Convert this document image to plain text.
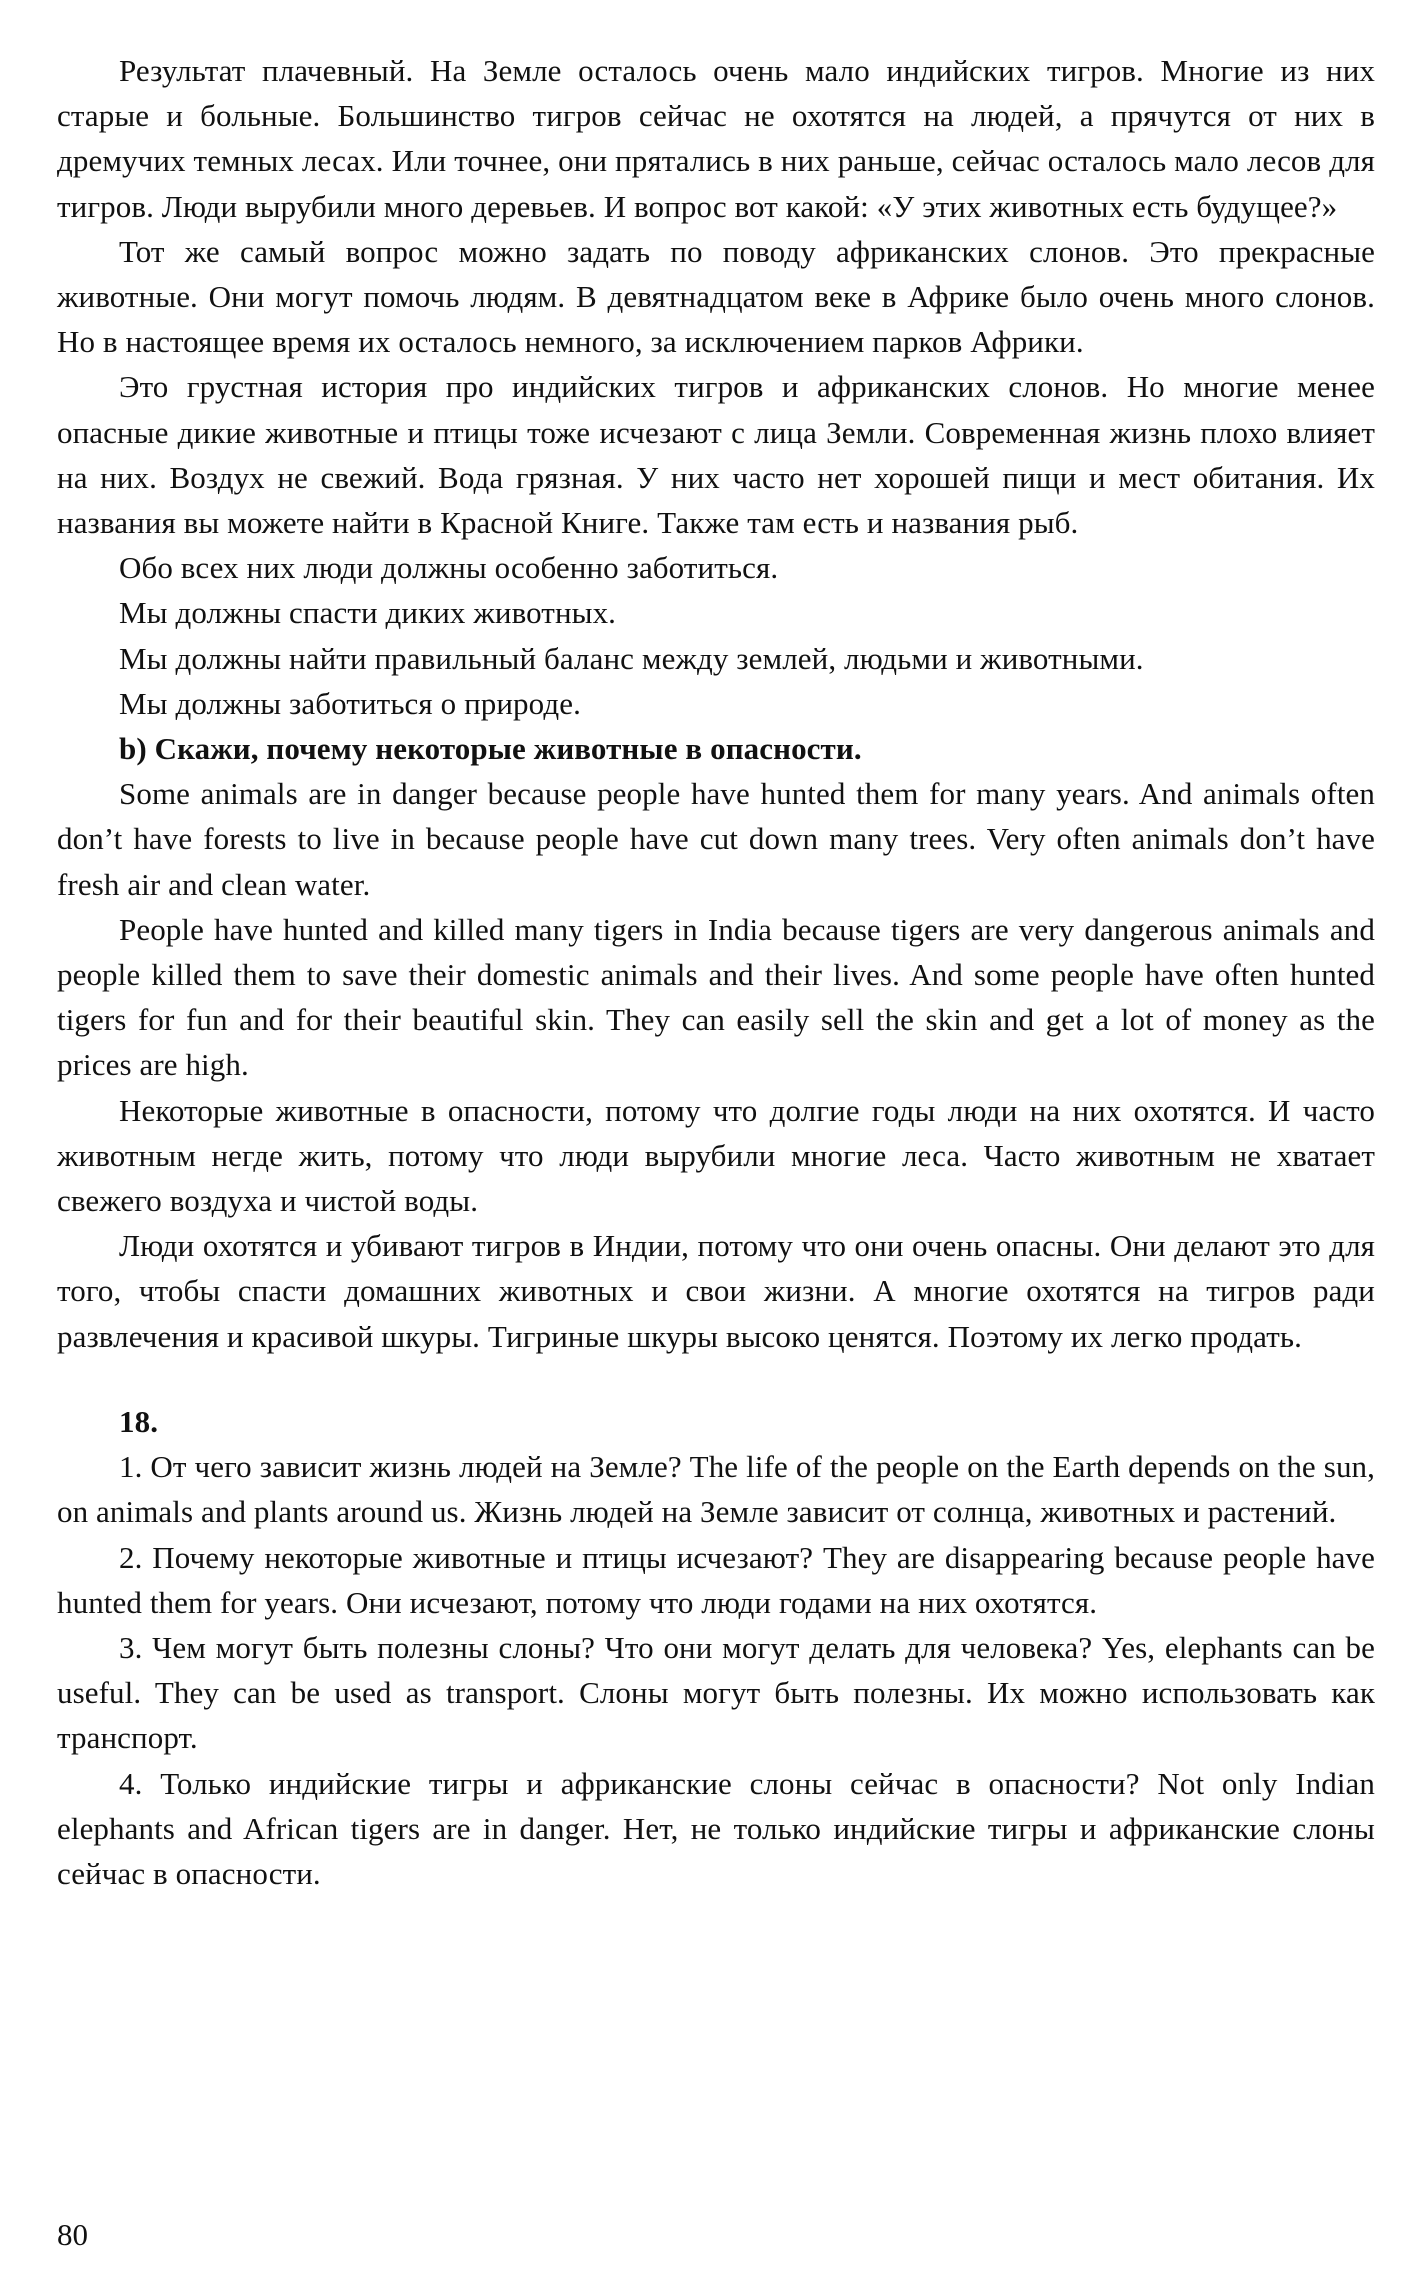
Результат плачевный. На Земле осталось очень мало индийских тигров. Многие из них старые и больные. Большинство тигров сейчас не охотятся на людей, а прячутся от них в дремучих темных лесах. Или точнее, они прятались в них раньше, сейчас осталось мало лесов для тигров. Люди вырубили много деревьев. И вопрос вот какой: «У этих животных есть будущее?»

Тот же самый вопрос можно задать по поводу африканских слонов. Это прекрасные животные. Они могут помочь людям. В девятнадцатом веке в Африке было очень много слонов. Но в настоящее время их осталось немного, за исключением парков Африки.

Это грустная история про индийских тигров и африканских слонов. Но многие менее опасные дикие животные и птицы тоже исчезают с лица Земли. Современная жизнь плохо влияет на них. Воздух не свежий. Вода грязная. У них часто нет хорошей пищи и мест обитания. Их названия вы можете найти в Красной Книге. Также там есть и названия рыб.

Обо всех них люди должны особенно заботиться.

Мы должны спасти диких животных.

Мы должны найти правильный баланс между землей, людьми и животными.

Мы должны заботиться о природе.

b) Скажи, почему некоторые животные в опасности.

Some animals are in danger because people have hunted them for many years. And animals often don’t have forests to live in because people have cut down many trees. Very often animals don’t have fresh air and clean water.

People have hunted and killed many tigers in India because tigers are very dangerous animals and people killed them to save their domestic animals and their lives. And some people have often hunted tigers for fun and for their beautiful skin. They can easily sell the skin and get a lot of money as the prices are high.

Некоторые животные в опасности, потому что долгие годы люди на них охотятся. И часто животным негде жить, потому что люди вырубили многие леса. Часто животным не хватает свежего воздуха и чистой воды.

Люди охотятся и убивают тигров в Индии, потому что они очень опасны. Они делают это для того, чтобы спасти домашних животных и свои жизни. А многие охотятся на тигров ради развлечения и красивой шкуры. Тигриные шкуры высоко ценятся. Поэтому их легко продать.

18.

1. От чего зависит жизнь людей на Земле? The life of the people on the Earth depends on the sun, on animals and plants around us. Жизнь людей на Земле зависит от солнца, животных и растений.

2. Почему некоторые животные и птицы исчезают? They are disappearing because people have hunted them for years. Они исчезают, потому что люди годами на них охотятся.

3. Чем могут быть полезны слоны? Что они могут делать для человека? Yes, elephants can be useful. They can be used as transport. Слоны могут быть полезны. Их можно использовать как транспорт.

4. Только индийские тигры и африканские слоны сейчас в опасности? Not only Indian elephants and African tigers are in danger. Нет, не только индийские тигры и африканские слоны сейчас в опасности.

80
